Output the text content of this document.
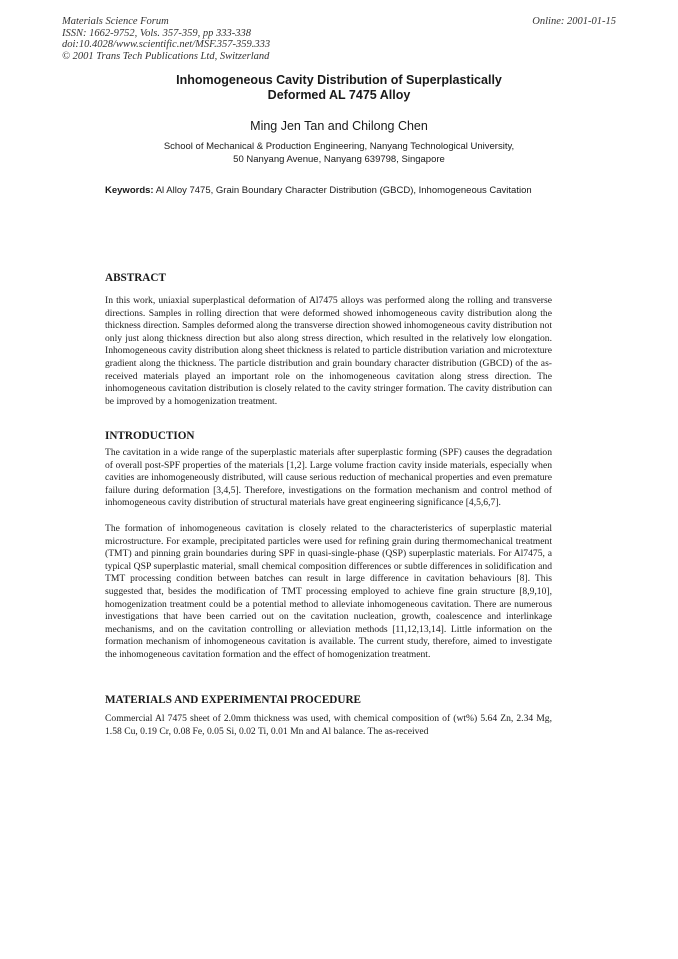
Materials Science Forum
ISSN: 1662-9752, Vols. 357-359, pp 333-338
doi:10.4028/www.scientific.net/MSF.357-359.333
© 2001 Trans Tech Publications Ltd, Switzerland
Online: 2001-01-15
Inhomogeneous Cavity Distribution of Superplastically
Deformed AL 7475 Alloy
Ming Jen Tan and Chilong Chen
School of Mechanical & Production Engineering, Nanyang Technological University,
50 Nanyang Avenue, Nanyang 639798, Singapore
Keywords: Al Alloy 7475, Grain Boundary Character Distribution (GBCD), Inhomogeneous Cavitation
ABSTRACT
In this work, uniaxial superplastical deformation of Al7475 alloys was performed along the rolling and transverse directions. Samples in rolling direction that were deformed showed inhomogeneous cavity distribution along the thickness direction. Samples deformed along the transverse direction showed inhomogeneous cavity distribution not only just along thickness direction but also along stress direction, which resulted in the relatively low elongation. Inhomogeneous cavity distribution along sheet thickness is related to particle distribution variation and microtexture gradient along the thickness. The particle distribution and grain boundary character distribution (GBCD) of the as-received materials played an important role on the inhomogeneous cavitation along stress direction. The inhomogeneous cavitation distribution is closely related to the cavity stringer formation. The cavity distribution can be improved by a homogenization treatment.
INTRODUCTION
The cavitation in a wide range of the superplastic materials after superplastic forming (SPF) causes the degradation of overall post-SPF properties of the materials [1,2]. Large volume fraction cavity inside materials, especially when cavities are inhomogeneously distributed, will cause serious reduction of mechanical properties and even premature failure during deformation [3,4,5]. Therefore, investigations on the formation mechanism and control method of inhomogeneous cavity distribution of structural materials have great engineering significance [4,5,6,7].
The formation of inhomogeneous cavitation is closely related to the characteristerics of superplastic material microstructure. For example, precipitated particles were used for refining grain during thermomechanical treatment (TMT) and pinning grain boundaries during SPF in quasi-single-phase (QSP) superplastic materials. For Al7475, a typical QSP superplastic material, small chemical composition differences or subtle differences in solidification and TMT processing condition between batches can result in large difference in cavitation behaviours [8]. This suggested that, besides the modification of TMT processing employed to achieve fine grain structure [8,9,10], homogenization treatment could be a potential method to alleviate inhomogeneous cavitation. There are numerous investigations that have been carried out on the cavitation nucleation, growth, coalescence and interlinkage mechanisms, and on the cavitation controlling or alleviation methods [11,12,13,14]. Little information on the formation mechanism of inhomogeneous cavitation is available. The current study, therefore, aimed to investigate the inhomogeneous cavitation formation and the effect of homogenization treatment.
MATERIALS AND EXPERIMENTAl PROCEDURE
Commercial Al 7475 sheet of 2.0mm thickness was used, with chemical composition of (wt%) 5.64 Zn, 2.34 Mg, 1.58 Cu, 0.19 Cr, 0.08 Fe, 0.05 Si, 0.02 Ti, 0.01 Mn and Al balance. The as-received
